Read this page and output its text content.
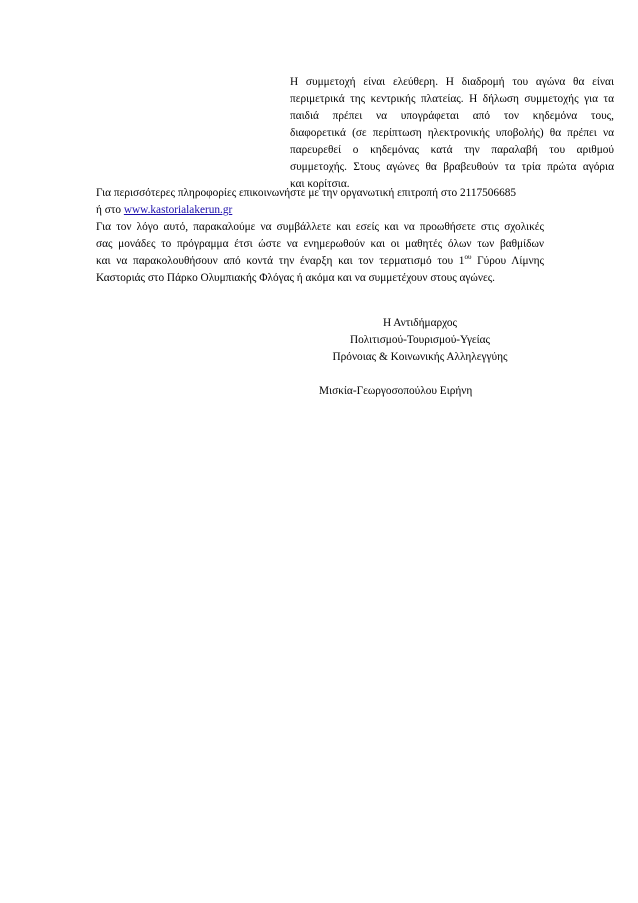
Η συμμετοχή είναι ελεύθερη. Η διαδρομή του αγώνα θα είναι
περιμετρικά της κεντρικής πλατείας. Η δήλωση συμμετοχής για τα
παιδιά πρέπει να υπογράφεται από τον κηδεμόνα τους,
διαφορετικά (σε περίπτωση ηλεκτρονικής υποβολής) θα πρέπει να
παρευρεθεί ο κηδεμόνας κατά την παραλαβή του αριθμού
συμμετοχής. Στους αγώνες θα βραβευθούν τα τρία πρώτα αγόρια
και κορίτσια.
Για περισσότερες πληροφορίες επικοινωνήστε με την οργανωτική επιτροπή στο 2117506685
ή στο www.kastorialakerun.gr
Για τον λόγο αυτό, παρακαλούμε να συμβάλλετε και εσείς και να προωθήσετε στις σχολικές
σας μονάδες το πρόγραμμα έτσι ώστε να ενημερωθούν και οι μαθητές όλων των βαθμίδων
και να παρακολουθήσουν από κοντά την έναρξη και τον τερματισμό του $1^{o\upsilon}$ Γύρου Λίμνης
Καστοριάς στο Πάρκο Ολυμπιακής Φλόγας ή ακόμα και να συμμετέχουν στους αγώνες.
Η Αντιδήμαρχος
Πολιτισμού-Τουρισμού-Υγείας
Πρόνοιας & Κοινωνικής Αλληλεγγύης
Μισκία-Γεωργοσοπούλου Ειρήνη
